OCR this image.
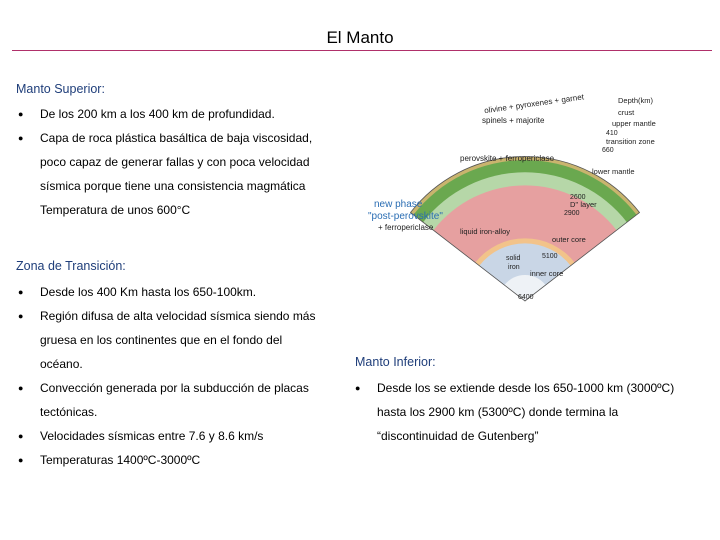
El Manto
Manto Superior:
● De los 200 km a los 400 km de profundidad.
● Capa de roca plástica basáltica de baja viscosidad,
poco capaz de generar fallas y con poca velocidad
sísmica porque tiene una consistencia magmática
Temperatura de unos 600°C
Zona de Transición:
● Desde los 400 Km hasta los 650-100km.
● Región difusa de alta velocidad sísmica siendo más
gruesa en los continentes que en el fondo del
océano.
● Convección generada por la subducción de placas
tectónicas.
● Velocidades sísmicas entre 7.6 y 8.6 km/s
● Temperaturas 1400ºC-3000ºC
Manto Inferior:
● Desde los se extiende desde los 650-1000 km (3000ºC)
hasta los 2900 km (5300ºC) donde termina la
“discontinuidad de Gutenberg”
olivine + pyroxenes + garnet
spinels + majorite
perovskite + ferropericlase
liquid iron-alloy
solid
iron
Depth(km)
crust
upper mantle
410
transition zone
660
lower mantle
2600
D'' layer
2900
outer core
5100
inner core
6400
new phase
"post-perovskite"
+ ferropericlase
